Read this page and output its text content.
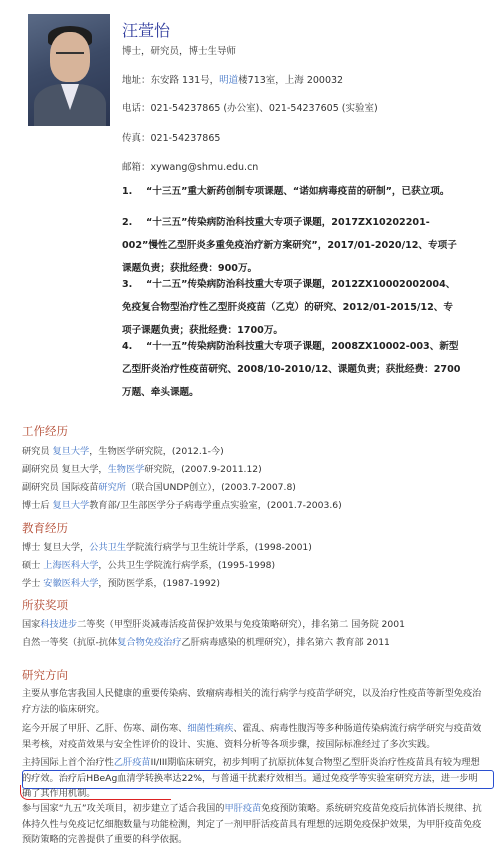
汪萱怡
博士，研究员，博士生导师
地址：东安路 131号，明道楼713室，上海 200032
电话：021-54237865 (办公室)、021-54237605 (实验室)
传真：021-54237865
邮箱：xywang@shmu.edu.cn
1. “十三五”重大新药创制专项课题、“诺如病毒疫苗的研制”，已获立项。
2. “十三五”传染病防治科技重大专项子课题，2017ZX10202201-002”慢性乙型肝炎多重免疫治疗新方案研究”，2017/01-2020/12、专项子课题负责；获批经费：900万。
3. “十二五”传染病防治科技重大专项子课题，2012ZX10002002004、免疫复合物型治疗性乙型肝炎疫苗（乙克）的研究、2012/01-2015/12、专项子课题负责；获批经费：1700万。
4. “十一五”传染病防治科技重大专项子课题，2008ZX10002-003、新型乙型肝炎治疗性疫苗研究、2008/10-2010/12、课题负责；获批经费：2700万题、牵头课题。
工作经历
研究员 复旦大学，生物医学研究院，(2012.1-今)
副研究员 复旦大学，生物医学研究院，(2007.9-2011.12)
副研究员 国际疫苗研究所（联合国UNDP创立），(2003.7-2007.8)
博士后 复旦大学教育部/卫生部医学分子病毒学重点实验室，(2001.7-2003.6)
教育经历
博士 复旦大学，公共卫生学院流行病学与卫生统计学系，(1998-2001)
硕士 上海医科大学，公共卫生学院流行病学系，(1995-1998)
学士 安徽医科大学，预防医学系，(1987-1992)
所获奖项
国家科技进步二等奖（甲型肝炎减毒活疫苗保护效果与免疫策略研究），排名第二 国务院 2001
自然一等奖（抗原-抗体复合物免疫治疗乙肝病毒感染的机理研究），排名第六 教育部 2011
研究方向
主要从事危害我国人民健康的重要传染病、致瘤病毒相关的流行病学与疫苗学研究，以及治疗性疫苗等新型免疫治疗方法的临床研究。
迄今开展了甲肝、乙肝、伤寒、副伤寒、细菌性痢疾、霍乱、病毒性腹泻等多种肠道传染病流行病学研究与疫苗效果考核，对疫苗效果与安全性评价的设计、实施、资料分析等各项步骤，按国际标准经过了多次实践。
主持国际上首个治疗性乙肝疫苗II/III期临床研究，初步判明了抗原抗体复合物型乙型肝炎治疗性疫苗具有较为理想的疗效。治疗后HBeAg血清学转换率达22%，与普通干扰素疗效相当。通过免疫学等实验室研究方法，进一步明确了其作用机制。
参与国家“九五”攻关项目，初步建立了适合我国的甲肝疫苗免疫预防策略。系统研究疫苗免疫后抗体消长规律、抗体持久性与免疫记忆细胞数量与功能检测，判定了一剂甲肝活疫苗具有理想的远期免疫保护效果，为甲肝疫苗免疫预防策略的完善提供了重要的科学依据。
